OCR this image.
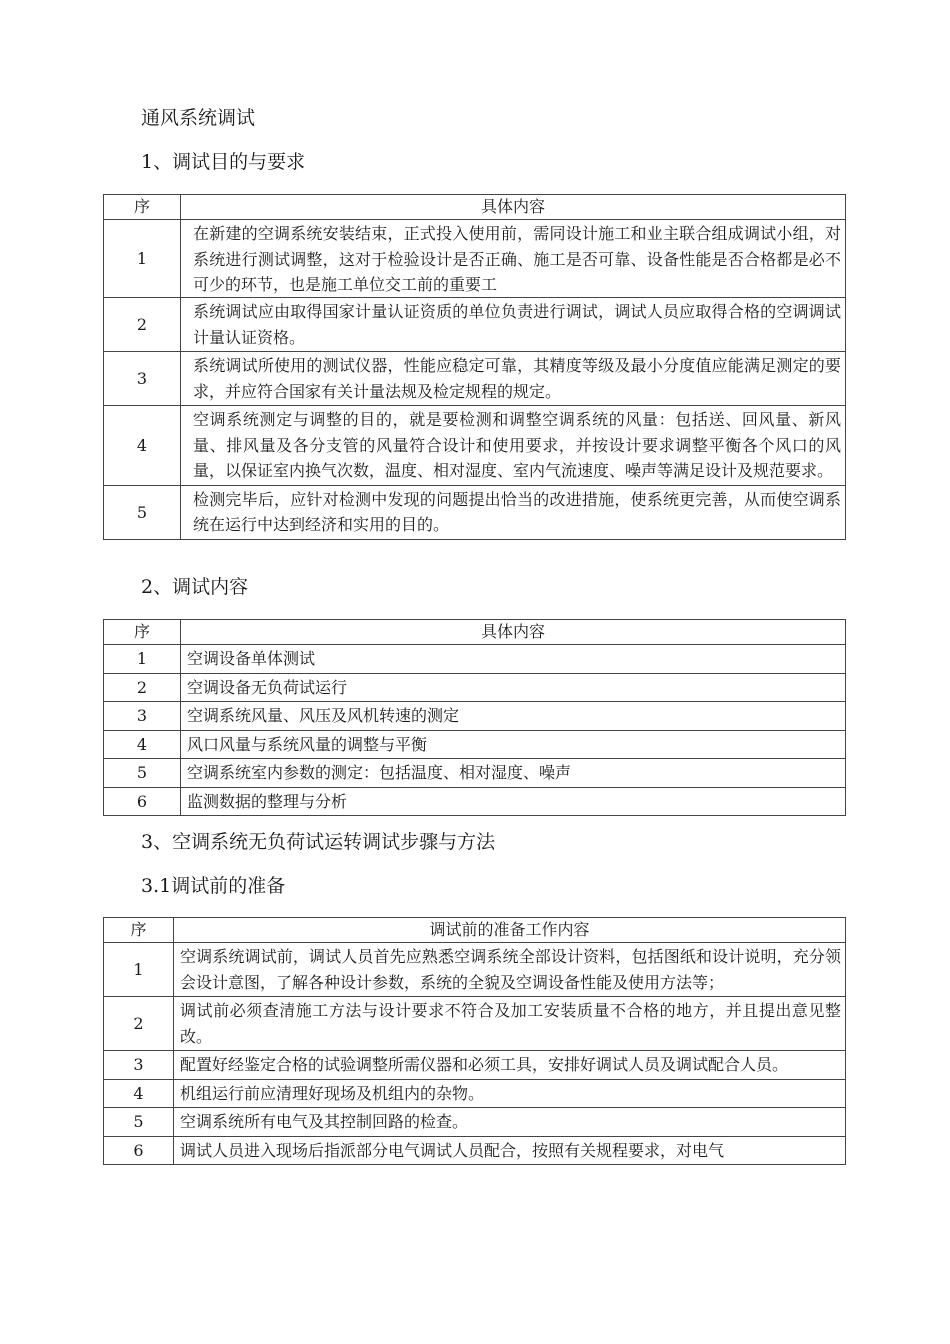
通风系统调试
1、调试目的与要求
序	具体内容
1	在新建的空调系统安装结束，正式投入使用前，需同设计施工和业主联合组成调试小组，对系统进行测试调整，这对于检验设计是否正确、施工是否可靠、设备性能是否合格都是必不可少的环节，也是施工单位交工前的重要工

2	系统调试应由取得国家计量认证资质的单位负责进行调试，调试人员应取得合格的空调调试计量认证资格。
3	系统调试所使用的测试仪器，性能应稳定可靠，其精度等级及最小分度值应能满足测定的要求，并应符合国家有关计量法规及检定规程的规定。
4	空调系统测定与调整的目的，就是要检测和调整空调系统的风量：包括送、回风量、新风量、排风量及各分支管的风量符合设计和使用要求，并按设计要求调整平衡各个风口的风量，以保证室内换气次数，温度、相对湿度、室内气流速度、噪声等满足设计及规范要求。
5	检测完毕后，应针对检测中发现的问题提出恰当的改进措施，使系统更完善，从而使空调系统在运行中达到经济和实用的目的。
2、调试内容
序	具体内容
1	空调设备单体测试
2	空调设备无负荷试运行
3	空调系统风量、风压及风机转速的测定
4	风口风量与系统风量的调整与平衡
5	空调系统室内参数的测定：包括温度、相对湿度、噪声
6	监测数据的整理与分析
3、空调系统无负荷试运转调试步骤与方法
3.1调试前的准备
序	调试前的准备工作内容
1	空调系统调试前，调试人员首先应熟悉空调系统全部设计资料，包括图纸和设计说明，充分领会设计意图，了解各种设计参数，系统的全貌及空调设备性能及使用方法等；
2	调试前必须查清施工方法与设计要求不符合及加工安装质量不合格的地方，并且提出意见整改。
3	配置好经鉴定合格的试验调整所需仪器和必须工具，安排好调试人员及调试配合人员。
4	机组运行前应清理好现场及机组内的杂物。
5	空调系统所有电气及其控制回路的检查。
6	调试人员进入现场后指派部分电气调试人员配合，按照有关规程要求，对电气
